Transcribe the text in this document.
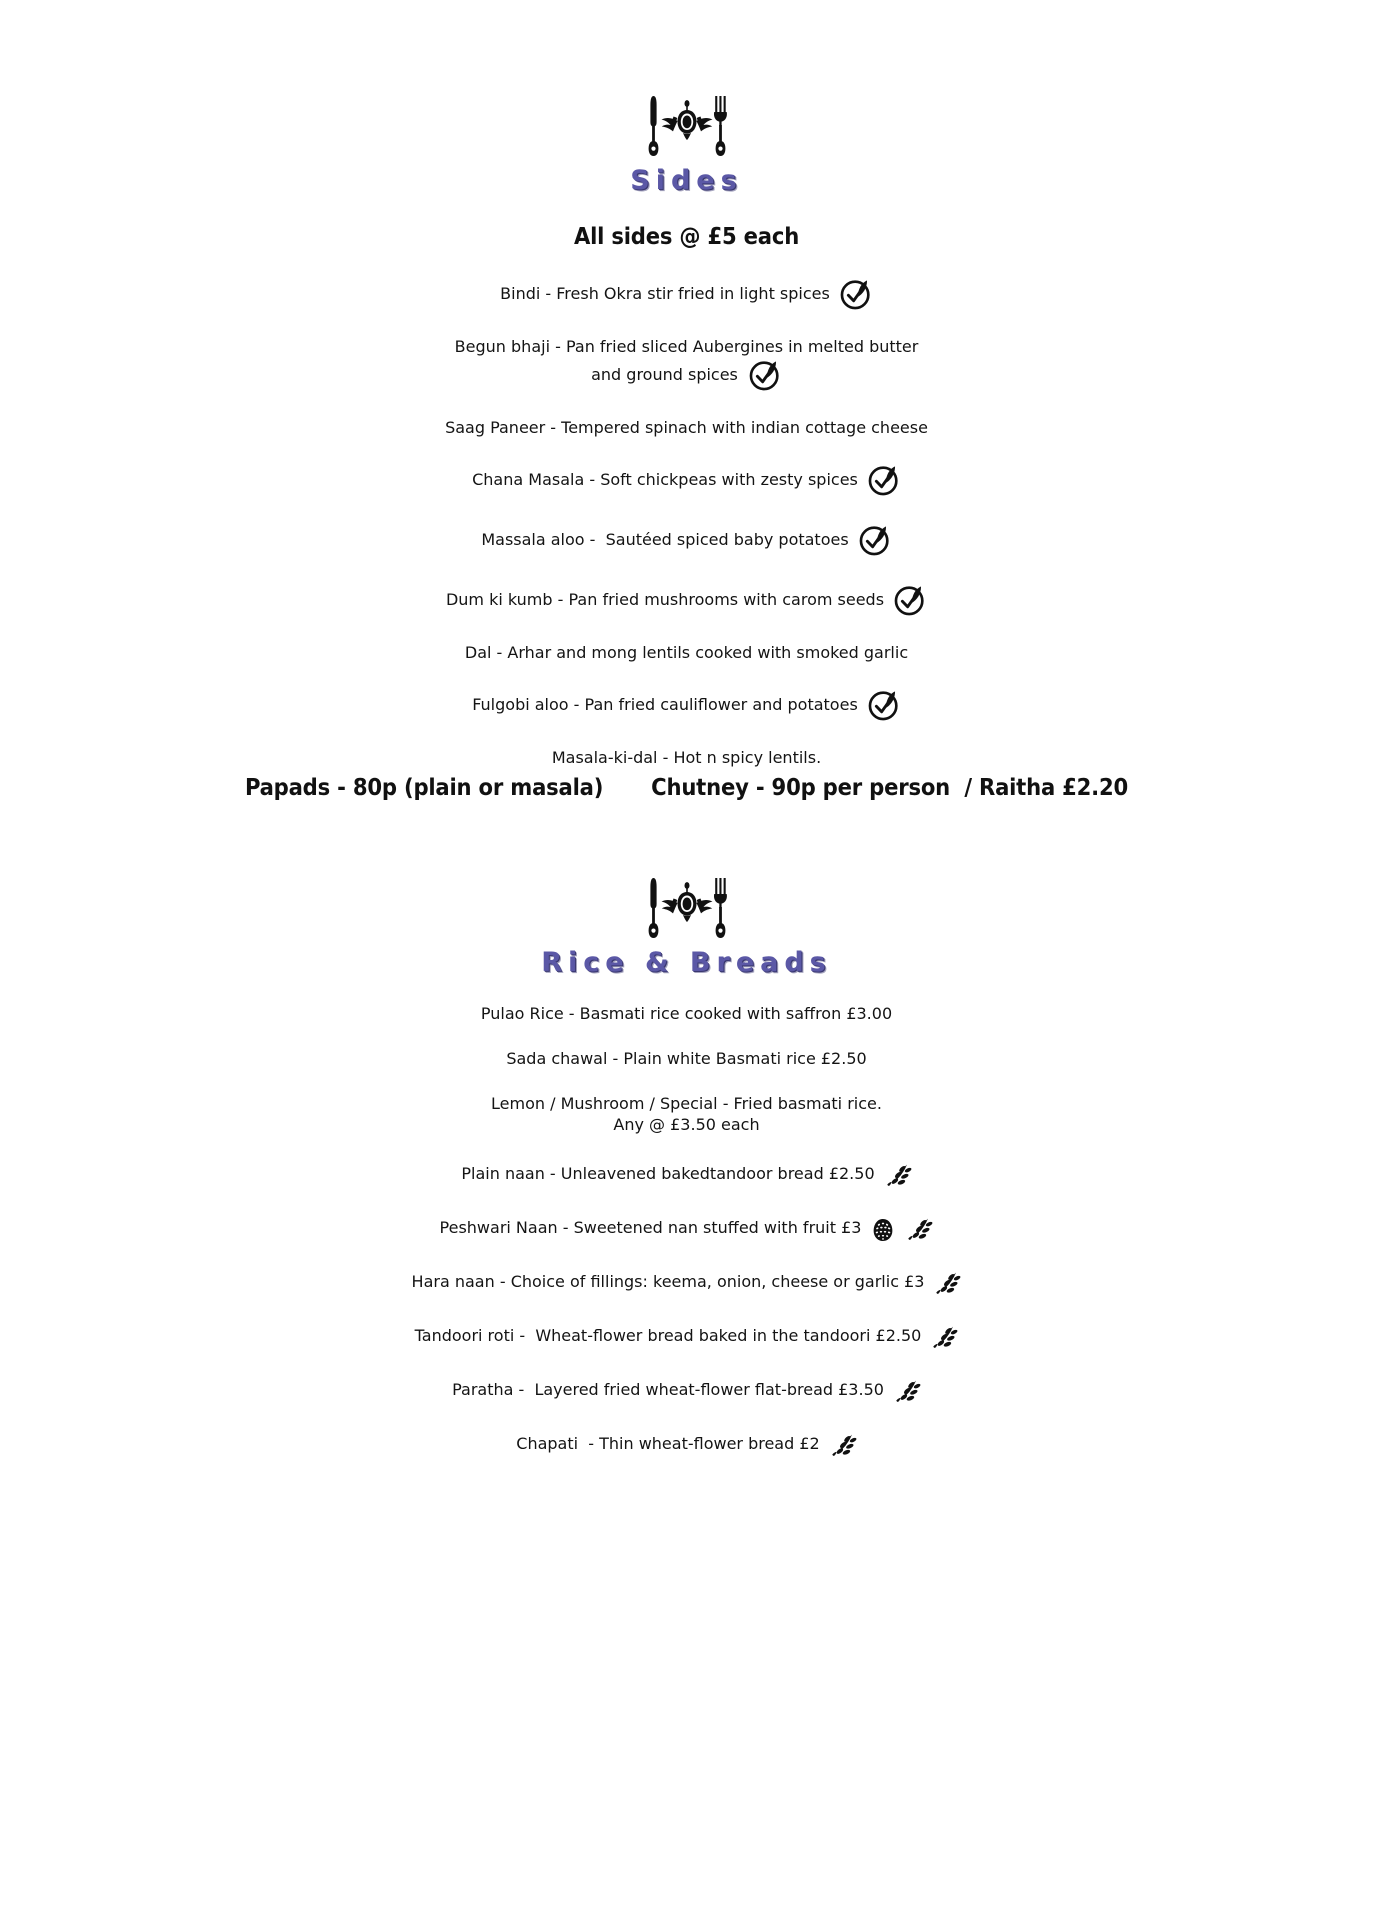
Sides

All sides @ £5 each

Bindi - Fresh Okra stir fried in light spices
Begun bhaji - Pan fried sliced Aubergines in melted butter
and ground spices
Saag Paneer - Tempered spinach with indian cottage cheese
Chana Masala - Soft chickpeas with zesty spices
Massala aloo -  Sautéed spiced baby potatoes
Dum ki kumb - Pan fried mushrooms with carom seeds
Dal - Arhar and mong lentils cooked with smoked garlic
Fulgobi aloo - Pan fried cauliflower and potatoes
Masala-ki-dal - Hot n spicy lentils.
Papads - 80p (plain or masala) Chutney - 90p per person  / Raitha £2.20
Rice & Breads
Pulao Rice - Basmati rice cooked with saffron £3.00
Sada chawal - Plain white Basmati rice £2.50
Lemon / Mushroom / Special - Fried basmati rice.
Any @ £3.50 each
Plain naan - Unleavened bakedtandoor bread £2.50
Peshwari Naan - Sweetened nan stuffed with fruit £3
Hara naan - Choice of fillings: keema, onion, cheese or garlic £3
Tandoori roti -  Wheat-flower bread baked in the tandoori £2.50
Paratha -  Layered fried wheat-flower flat-bread £3.50
Chapati  - Thin wheat-flower bread £2
